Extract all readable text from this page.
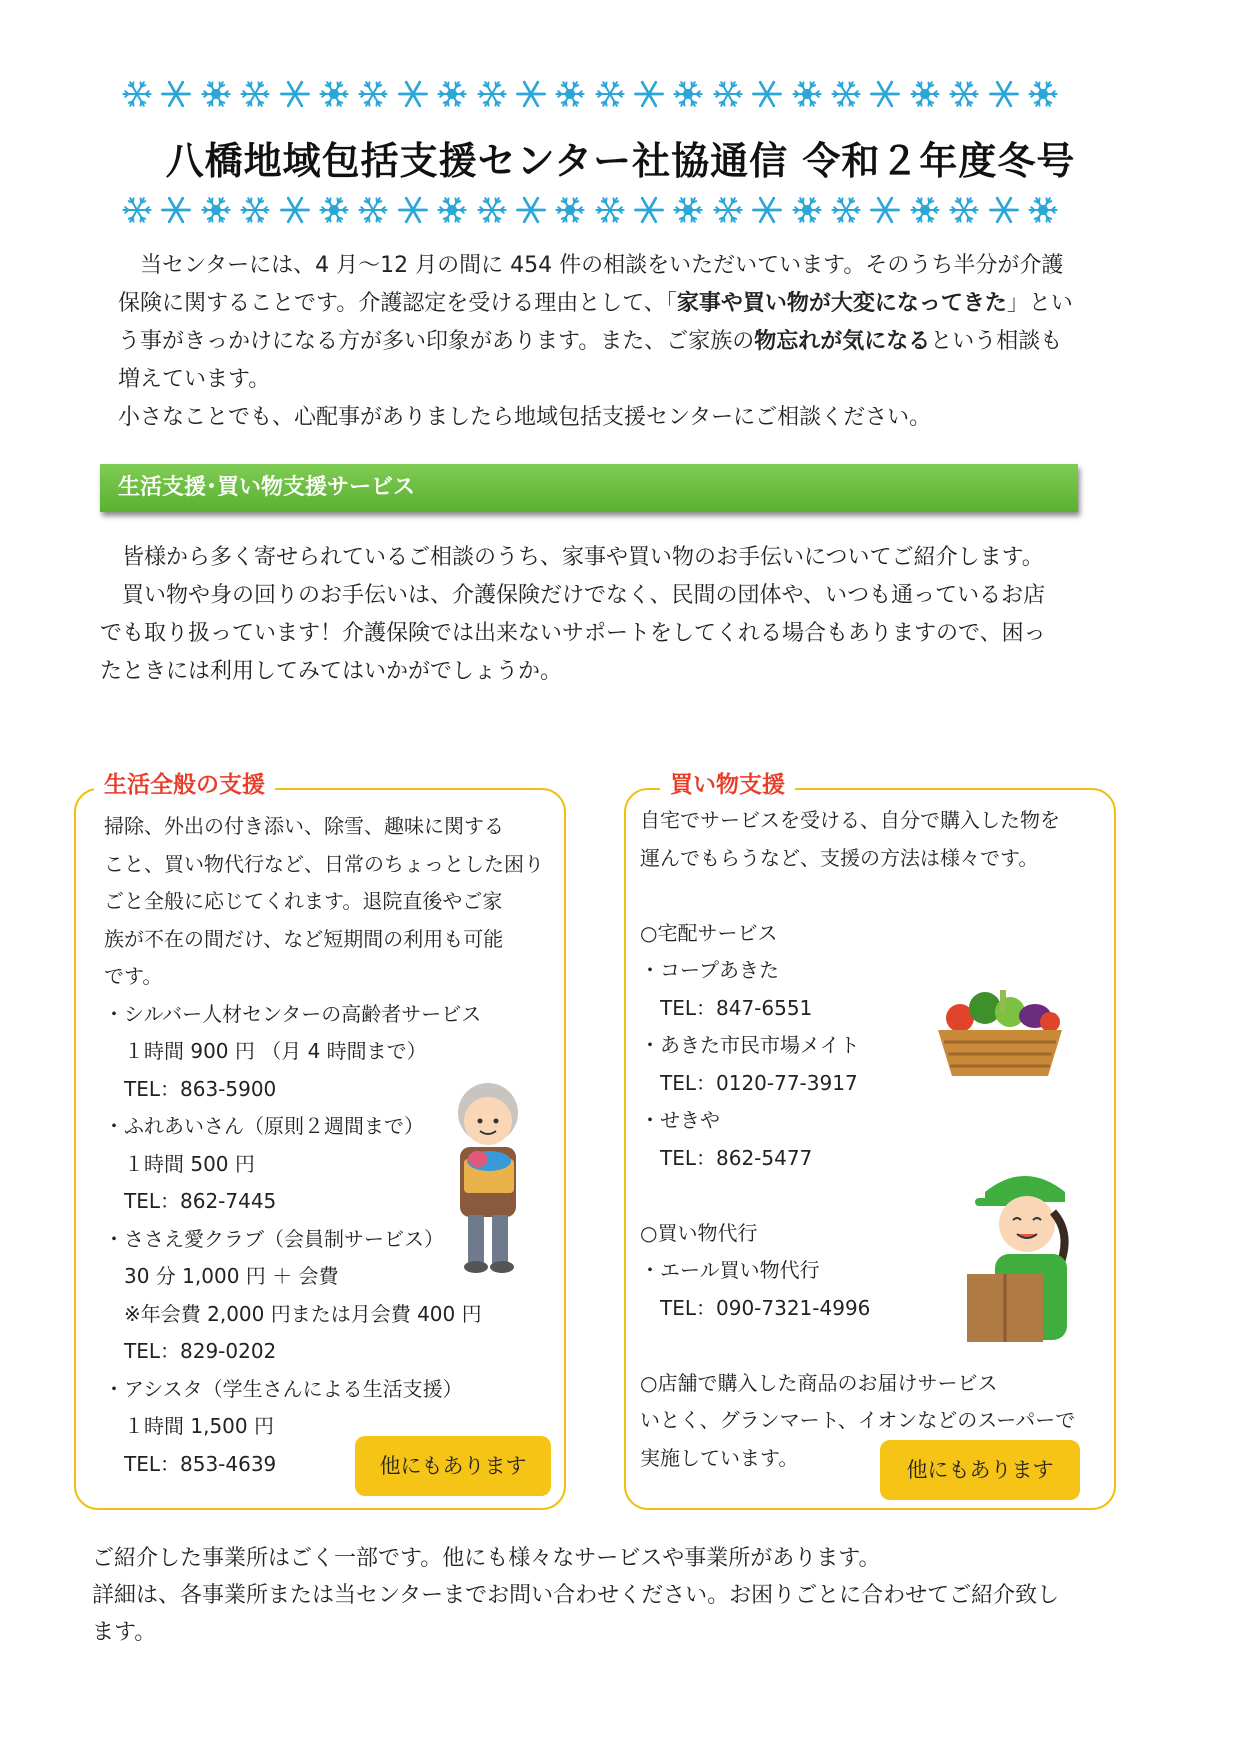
八橋地域包括支援センター社協通信 令和２年度冬号

当センターには、4 月～12 月の間に 454 件の相談をいただいています。そのうち半分が介護保険に関することです。介護認定を受ける理由として、「家事や買い物が大変になってきた」という事がきっかけになる方が多い印象があります。また、ご家族の物忘れが気になるという相談も増えています。

小さなことでも、心配事がありましたら地域包括支援センターにご相談ください。

生活支援･買い物支援サービス

皆様から多く寄せられているご相談のうち、家事や買い物のお手伝いについてご紹介します。

買い物や身の回りのお手伝いは、介護保険だけでなく、民間の団体や、いつも通っているお店でも取り扱っています！介護保険では出来ないサポートをしてくれる場合もありますので、困ったときには利用してみてはいかがでしょうか。

生活全般の支援
掃除、外出の付き添い、除雪、趣味に関する
こと、買い物代行など、日常のちょっとした困り
ごと全般に応じてくれます。退院直後やご家
族が不在の間だけ、など短期間の利用も可能
です。
・シルバー人材センターの高齢者サービス
　１時間 900 円 （月 4 時間まで）
　TEL：863-5900
・ふれあいさん（原則２週間まで）
　１時間 500 円
　TEL：862-7445
・ささえ愛クラブ（会員制サービス）
　30 分 1,000 円 ＋ 会費
　※年会費 2,000 円または月会費 400 円
　TEL：829-0202
・アシスタ（学生さんによる生活支援）
　１時間 1,500 円
　TEL：853-4639	他にもあります
買い物支援
自宅でサービスを受ける、自分で購入した物を
運んでもらうなど、支援の方法は様々です。

○宅配サービス
・コープあきた
　TEL：847-6551
・あきた市民市場メイト
　TEL：0120-77-3917
・せきや
　TEL：862-5477

○買い物代行
・エール買い物代行
　TEL：090-7321-4996

○店舗で購入した商品のお届けサービス
いとく、グランマート、イオンなどのスーパーで
実施しています。
他にもあります

ご紹介した事業所はごく一部です。他にも様々なサービスや事業所があります。

詳細は、各事業所または当センターまでお問い合わせください。お困りごとに合わせてご紹介致します。
